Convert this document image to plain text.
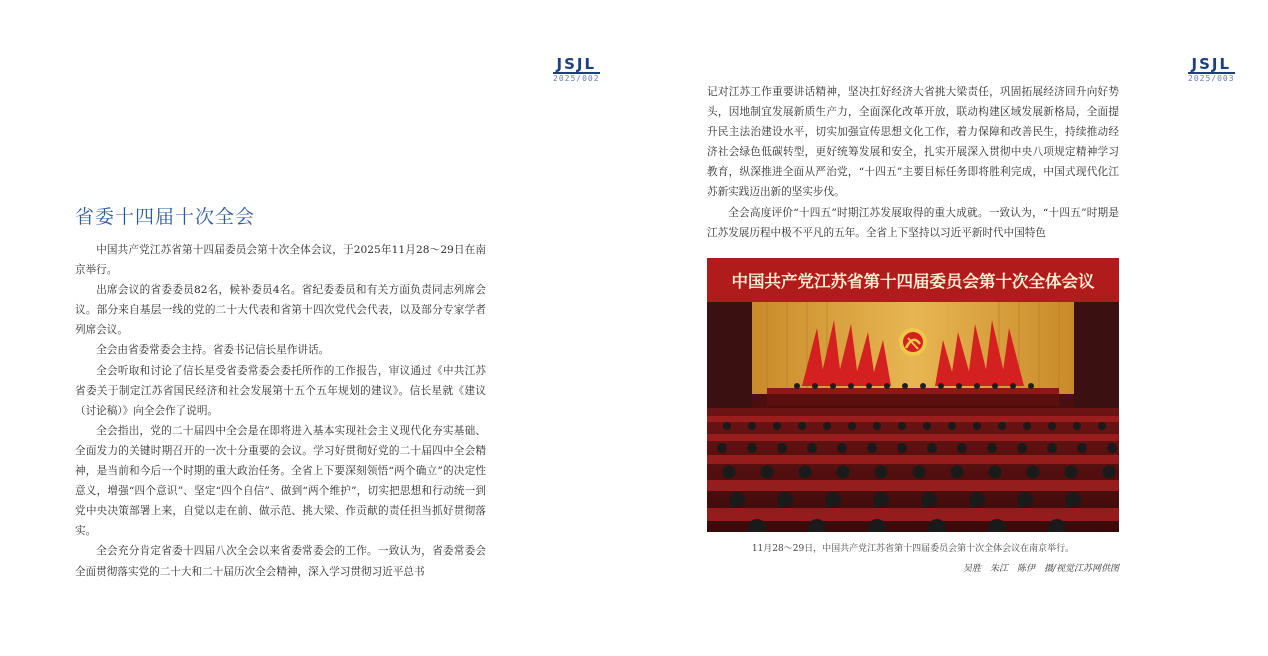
JSJL
2025/002
JSJL
2025/003
省委十四届十次全会

中国共产党江苏省第十四届委员会第十次全体会议，于2025年11月28～29日在南京举行。

出席会议的省委委员82名，候补委员4名。省纪委委员和有关方面负责同志列席会议。部分来自基层一线的党的二十大代表和省第十四次党代会代表，以及部分专家学者列席会议。

全会由省委常委会主持。省委书记信长星作讲话。

全会听取和讨论了信长星受省委常委会委托所作的工作报告，审议通过《中共江苏省委关于制定江苏省国民经济和社会发展第十五个五年规划的建议》。信长星就《建议（讨论稿）》向全会作了说明。

全会指出，党的二十届四中全会是在即将进入基本实现社会主义现代化夯实基础、全面发力的关键时期召开的一次十分重要的会议。学习好贯彻好党的二十届四中全会精神，是当前和今后一个时期的重大政治任务。全省上下要深刻领悟“两个确立”的决定性意义，增强“四个意识”、坚定“四个自信”、做到“两个维护”，切实把思想和行动统一到党中央决策部署上来，自觉以走在前、做示范、挑大梁、作贡献的责任担当抓好贯彻落实。

全会充分肯定省委十四届八次全会以来省委常委会的工作。一致认为，省委常委会全面贯彻落实党的二十大和二十届历次全会精神，深入学习贯彻习近平总书

记对江苏工作重要讲话精神，坚决扛好经济大省挑大梁责任，巩固拓展经济回升向好势头，因地制宜发展新质生产力，全面深化改革开放，联动构建区域发展新格局，全面提升民主法治建设水平，切实加强宣传思想文化工作，着力保障和改善民生，持续推动经济社会绿色低碳转型，更好统筹发展和安全，扎实开展深入贯彻中央八项规定精神学习教育，纵深推进全面从严治党，“十四五”主要目标任务即将胜利完成，中国式现代化江苏新实践迈出新的坚实步伐。

全会高度评价“十四五”时期江苏发展取得的重大成就。一致认为，“十四五”时期是江苏发展历程中极不平凡的五年。全省上下坚持以习近平新时代中国特色

中国共产党江苏省第十四届委员会第十次全体会议
11月28～29日，中国共产党江苏省第十四届委员会第十次全体会议在南京举行。
吴胜　朱江　陈伊　摄/视觉江苏网供图
